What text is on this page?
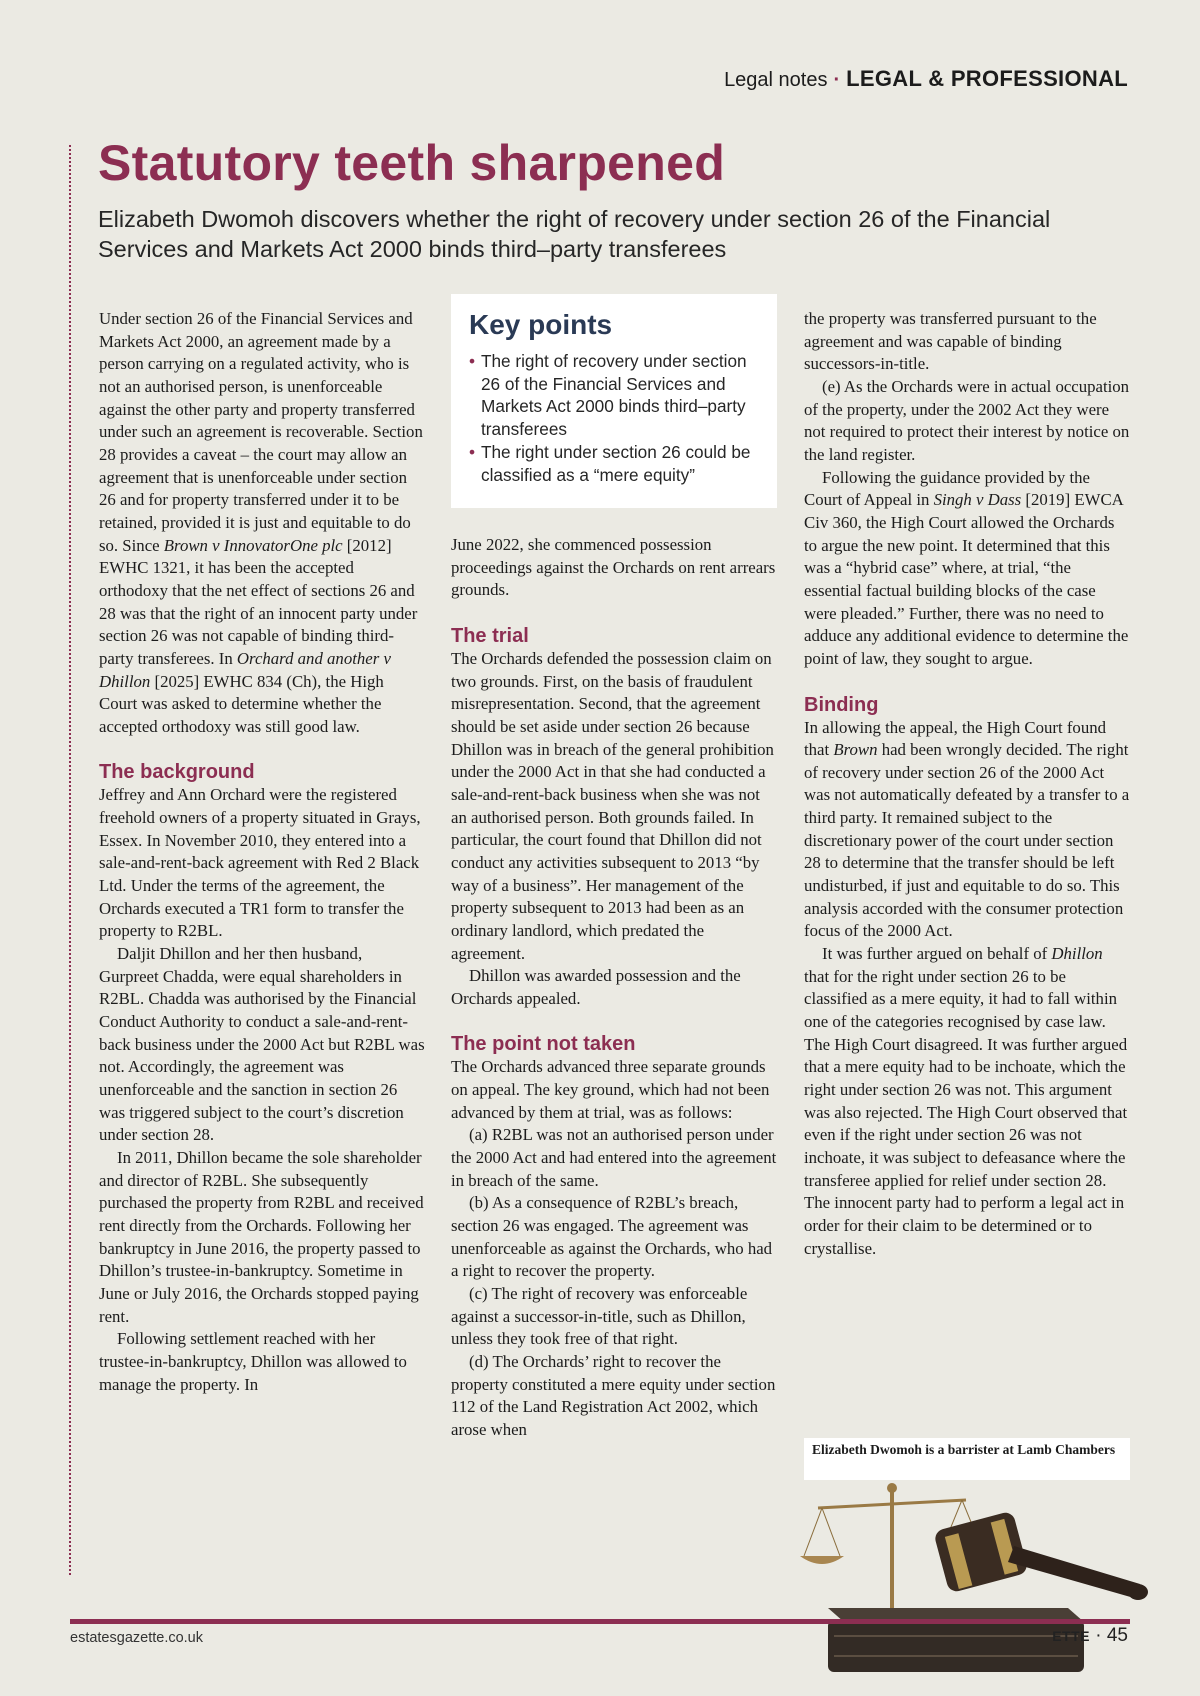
Legal notes · LEGAL & PROFESSIONAL
Statutory teeth sharpened
Elizabeth Dwomoh discovers whether the right of recovery under section 26 of the Financial Services and Markets Act 2000 binds third–party transferees

Under section 26 of the Financial Services and Markets Act 2000, an agreement made by a person carrying on a regulated activity, who is not an authorised person, is unenforceable against the other party and property transferred under such an agreement is recoverable. Section 28 provides a caveat – the court may allow an agreement that is unenforceable under section 26 and for property transferred under it to be retained, provided it is just and equitable to do so. Since Brown v InnovatorOne plc [2012] EWHC 1321, it has been the accepted orthodoxy that the net effect of sections 26 and 28 was that the right of an innocent party under section 26 was not capable of binding third-party transferees. In Orchard and another v Dhillon [2025] EWHC 834 (Ch), the High Court was asked to determine whether the accepted orthodoxy was still good law.

The background

Jeffrey and Ann Orchard were the registered freehold owners of a property situated in Grays, Essex. In November 2010, they entered into a sale-and-rent-back agreement with Red 2 Black Ltd. Under the terms of the agreement, the Orchards executed a TR1 form to transfer the property to R2BL.

Daljit Dhillon and her then husband, Gurpreet Chadda, were equal shareholders in R2BL. Chadda was authorised by the Financial Conduct Authority to conduct a sale-and-rent-back business under the 2000 Act but R2BL was not. Accordingly, the agreement was unenforceable and the sanction in section 26 was triggered subject to the court’s discretion under section 28.

In 2011, Dhillon became the sole shareholder and director of R2BL. She subsequently purchased the property from R2BL and received rent directly from the Orchards. Following her bankruptcy in June 2016, the property passed to Dhillon’s trustee-in-bankruptcy. Sometime in June or July 2016, the Orchards stopped paying rent.

Following settlement reached with her trustee-in-bankruptcy, Dhillon was allowed to manage the property. In

Key points
• The right of recovery under section 26 of the Financial Services and Markets Act 2000 binds third–party transferees
• The right under section 26 could be classified as a “mere equity”

June 2022, she commenced possession proceedings against the Orchards on rent arrears grounds.

The trial

The Orchards defended the possession claim on two grounds. First, on the basis of fraudulent misrepresentation. Second, that the agreement should be set aside under section 26 because Dhillon was in breach of the general prohibition under the 2000 Act in that she had conducted a sale-and-rent-back business when she was not an authorised person. Both grounds failed. In particular, the court found that Dhillon did not conduct any activities subsequent to 2013 “by way of a business”. Her management of the property subsequent to 2013 had been as an ordinary landlord, which predated the agreement.

Dhillon was awarded possession and the Orchards appealed.

The point not taken

The Orchards advanced three separate grounds on appeal. The key ground, which had not been advanced by them at trial, was as follows:

(a) R2BL was not an authorised person under the 2000 Act and had entered into the agreement in breach of the same.

(b) As a consequence of R2BL’s breach, section 26 was engaged. The agreement was unenforceable as against the Orchards, who had a right to recover the property.

(c) The right of recovery was enforceable against a successor-in-title, such as Dhillon, unless they took free of that right.

(d) The Orchards’ right to recover the property constituted a mere equity under section 112 of the Land Registration Act 2002, which arose when

the property was transferred pursuant to the agreement and was capable of binding successors-in-title.

(e) As the Orchards were in actual occupation of the property, under the 2002 Act they were not required to protect their interest by notice on the land register.

Following the guidance provided by the Court of Appeal in Singh v Dass [2019] EWCA Civ 360, the High Court allowed the Orchards to argue the new point. It determined that this was a “hybrid case” where, at trial, “the essential factual building blocks of the case were pleaded.” Further, there was no need to adduce any additional evidence to determine the point of law, they sought to argue.

Binding

In allowing the appeal, the High Court found that Brown had been wrongly decided. The right of recovery under section 26 of the 2000 Act was not automatically defeated by a transfer to a third party. It remained subject to the discretionary power of the court under section 28 to determine that the transfer should be left undisturbed, if just and equitable to do so. This analysis accorded with the consumer protection focus of the 2000 Act.

It was further argued on behalf of Dhillon that for the right under section 26 to be classified as a mere equity, it had to fall within one of the categories recognised by case law. The High Court disagreed. It was further argued that a mere equity had to be inchoate, which the right under section 26 was not. This argument was also rejected. The High Court observed that even if the right under section 26 was not inchoate, it was subject to defeasance where the transferee applied for relief under section 28. The innocent party had to perform a legal act in order for their claim to be determined or to crystallise.

Elizabeth Dwomoh is a barrister at Lamb Chambers
estatesgazette.co.uk	ETTE · 45
